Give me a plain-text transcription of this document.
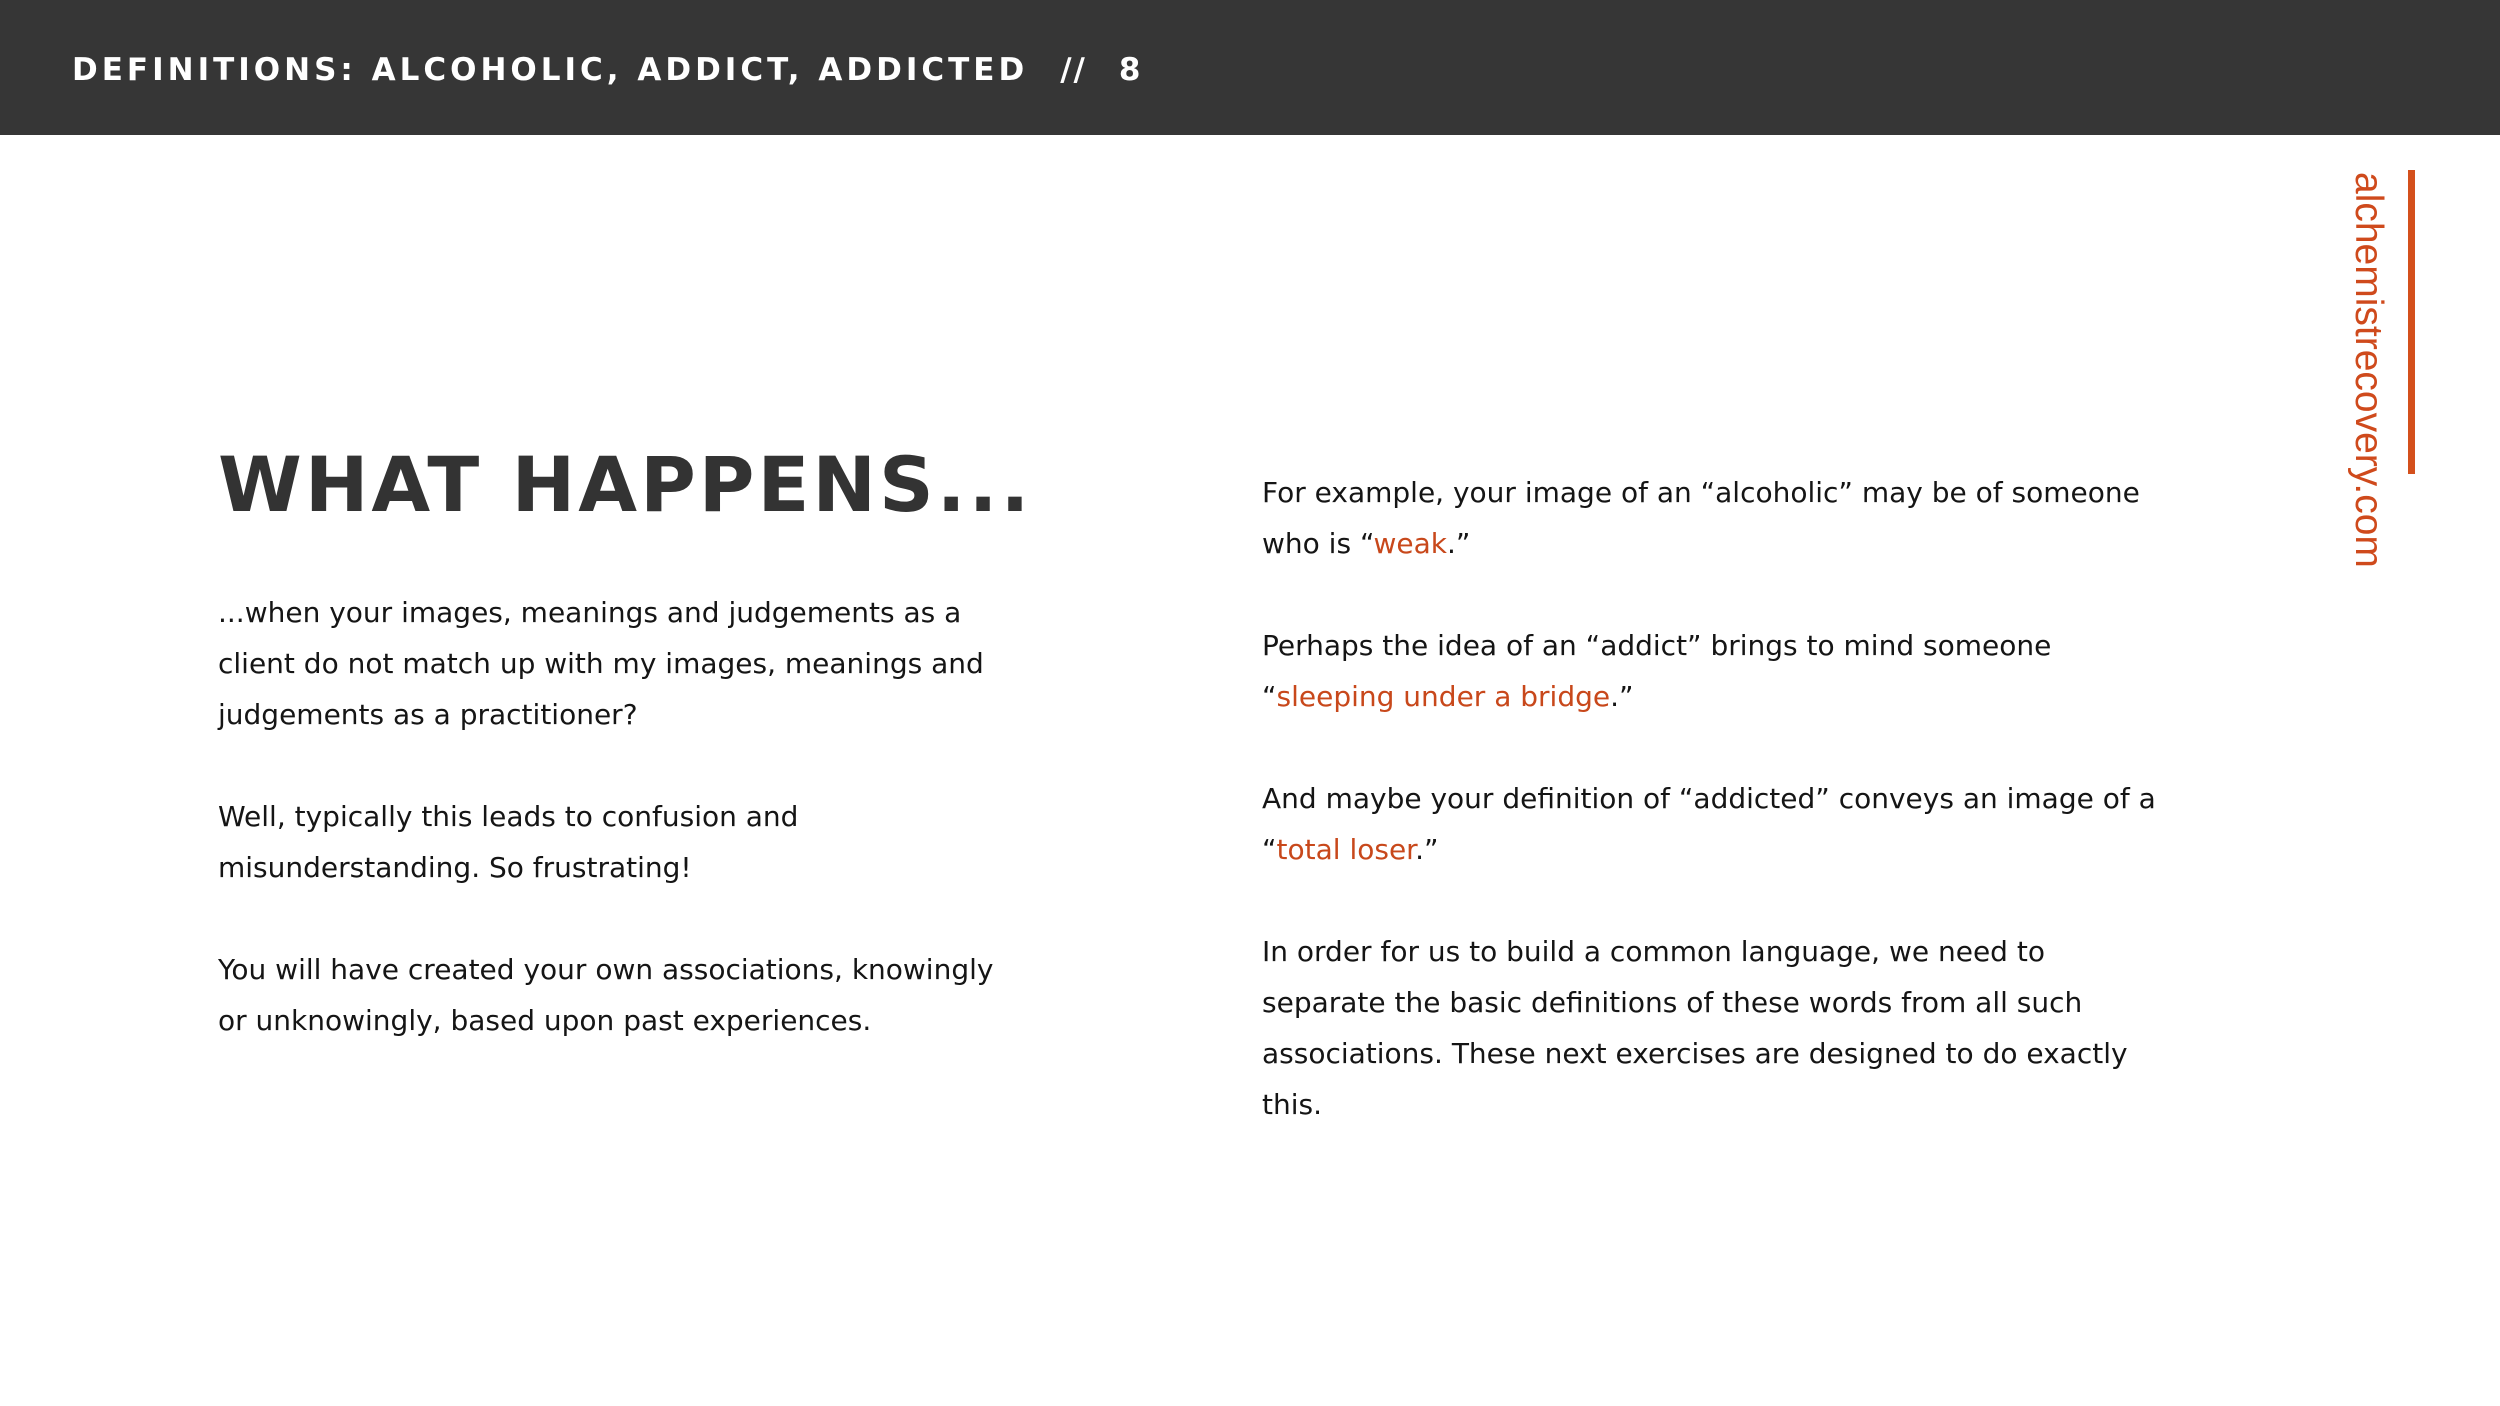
DEFINITIONS: ALCOHOLIC, ADDICT, ADDICTED // 8
alchemistrecovery.com
WHAT HAPPENS...

...when your images, meanings and judgements as a client do not match up with my images, meanings and judgements as a practitioner?

Well, typically this leads to confusion and misunderstanding. So frustrating!

You will have created your own associations, knowingly or unknowingly, based upon past experiences.

For example, your image of an “alcoholic” may be of someone who is “weak.”

Perhaps the idea of an “addict” brings to mind someone “sleeping under a bridge.”

And maybe your definition of “addicted” conveys an image of a “total loser.”

In order for us to build a common language, we need to separate the basic definitions of these words from all such associations. These next exercises are designed to do exactly this.
